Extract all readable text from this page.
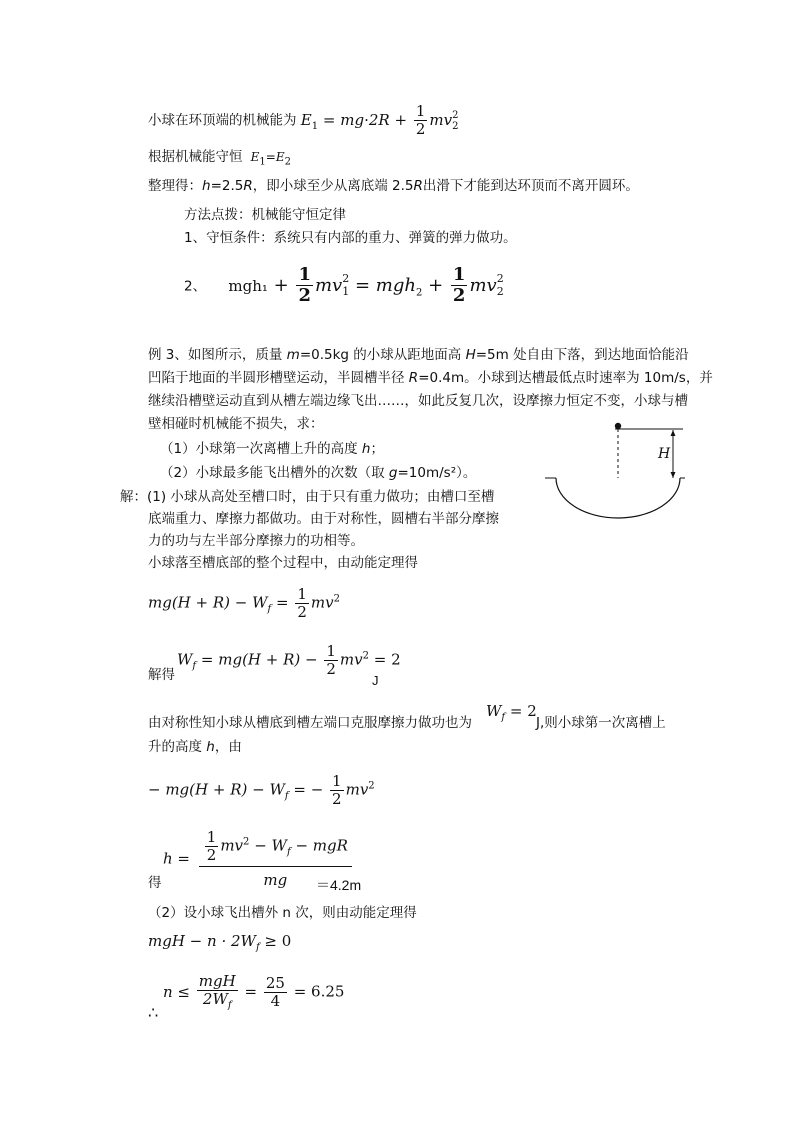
小球在环顶端的机械能为 $E_1 = mg\cdot 2R + \frac{1}{2}$ mv 2
2
根据机械能守恒 $E_1=E_2$
整理得：h=2.5R，即小球至少从离底端 2.5R出滑下才能到达环顶而不离开圆环。
方法点拨：机械能守恒定律
1、守恒条件：系统只有内部的重力、弹簧的弹力做功。
2、 $mgh_1 + \frac{1}{2}$ mv 2
$1 = mgh_2 + \frac{1}{2}$ mv 2
2
例 3、如图所示，质量 m=0.5kg 的小球从距地面高 H=5m 处自由下落，到达地面恰能沿
凹陷于地面的半圆形槽壁运动，半圆槽半径 R=0.4m。小球到达槽最低点时速率为 10m/s，并
继续沿槽壁运动直到从槽左端边缘飞出……，如此反复几次，设摩擦力恒定不变，小球与槽
壁相碰时机械能不损失，求：
（1）小球第一次离槽上升的高度 h；
（2）小球最多能飞出槽外的次数（取 g=10m/s²）。
H
解：(1) 小球从高处至槽口时，由于只有重力做功；由槽口至槽
底端重力、摩擦力都做功。由于对称性，圆槽右半部分摩擦
力的功与左半部分摩擦力的功相等。
小球落至槽底部的整个过程中，由动能定理得
$mg(H + R) - W_f = \frac{1}{2} mv^2$
解得
$W_f = mg(H + R) - \frac{1}{2} mv^2 = 2$
J
由对称性知小球从槽底到槽左端口克服摩擦力做功也为
$W_f = 2$
J,则小球第一次离槽上
升的高度 h，由
− $mg(H + R) - W_f$ = − $\frac{1}{2} mv^2$
得
$h = \frac{\frac{1}{2} mv^2 - W_f - mgR}{mg}$
＝4.2m
（2）设小球飞出槽外 n 次，则由动能定理得
mgH − $n \cdot 2W_f \ge 0$
$n \le \frac{\text{mgH}}{2W_f} = \frac{25}{4} = 6.25$
∴
